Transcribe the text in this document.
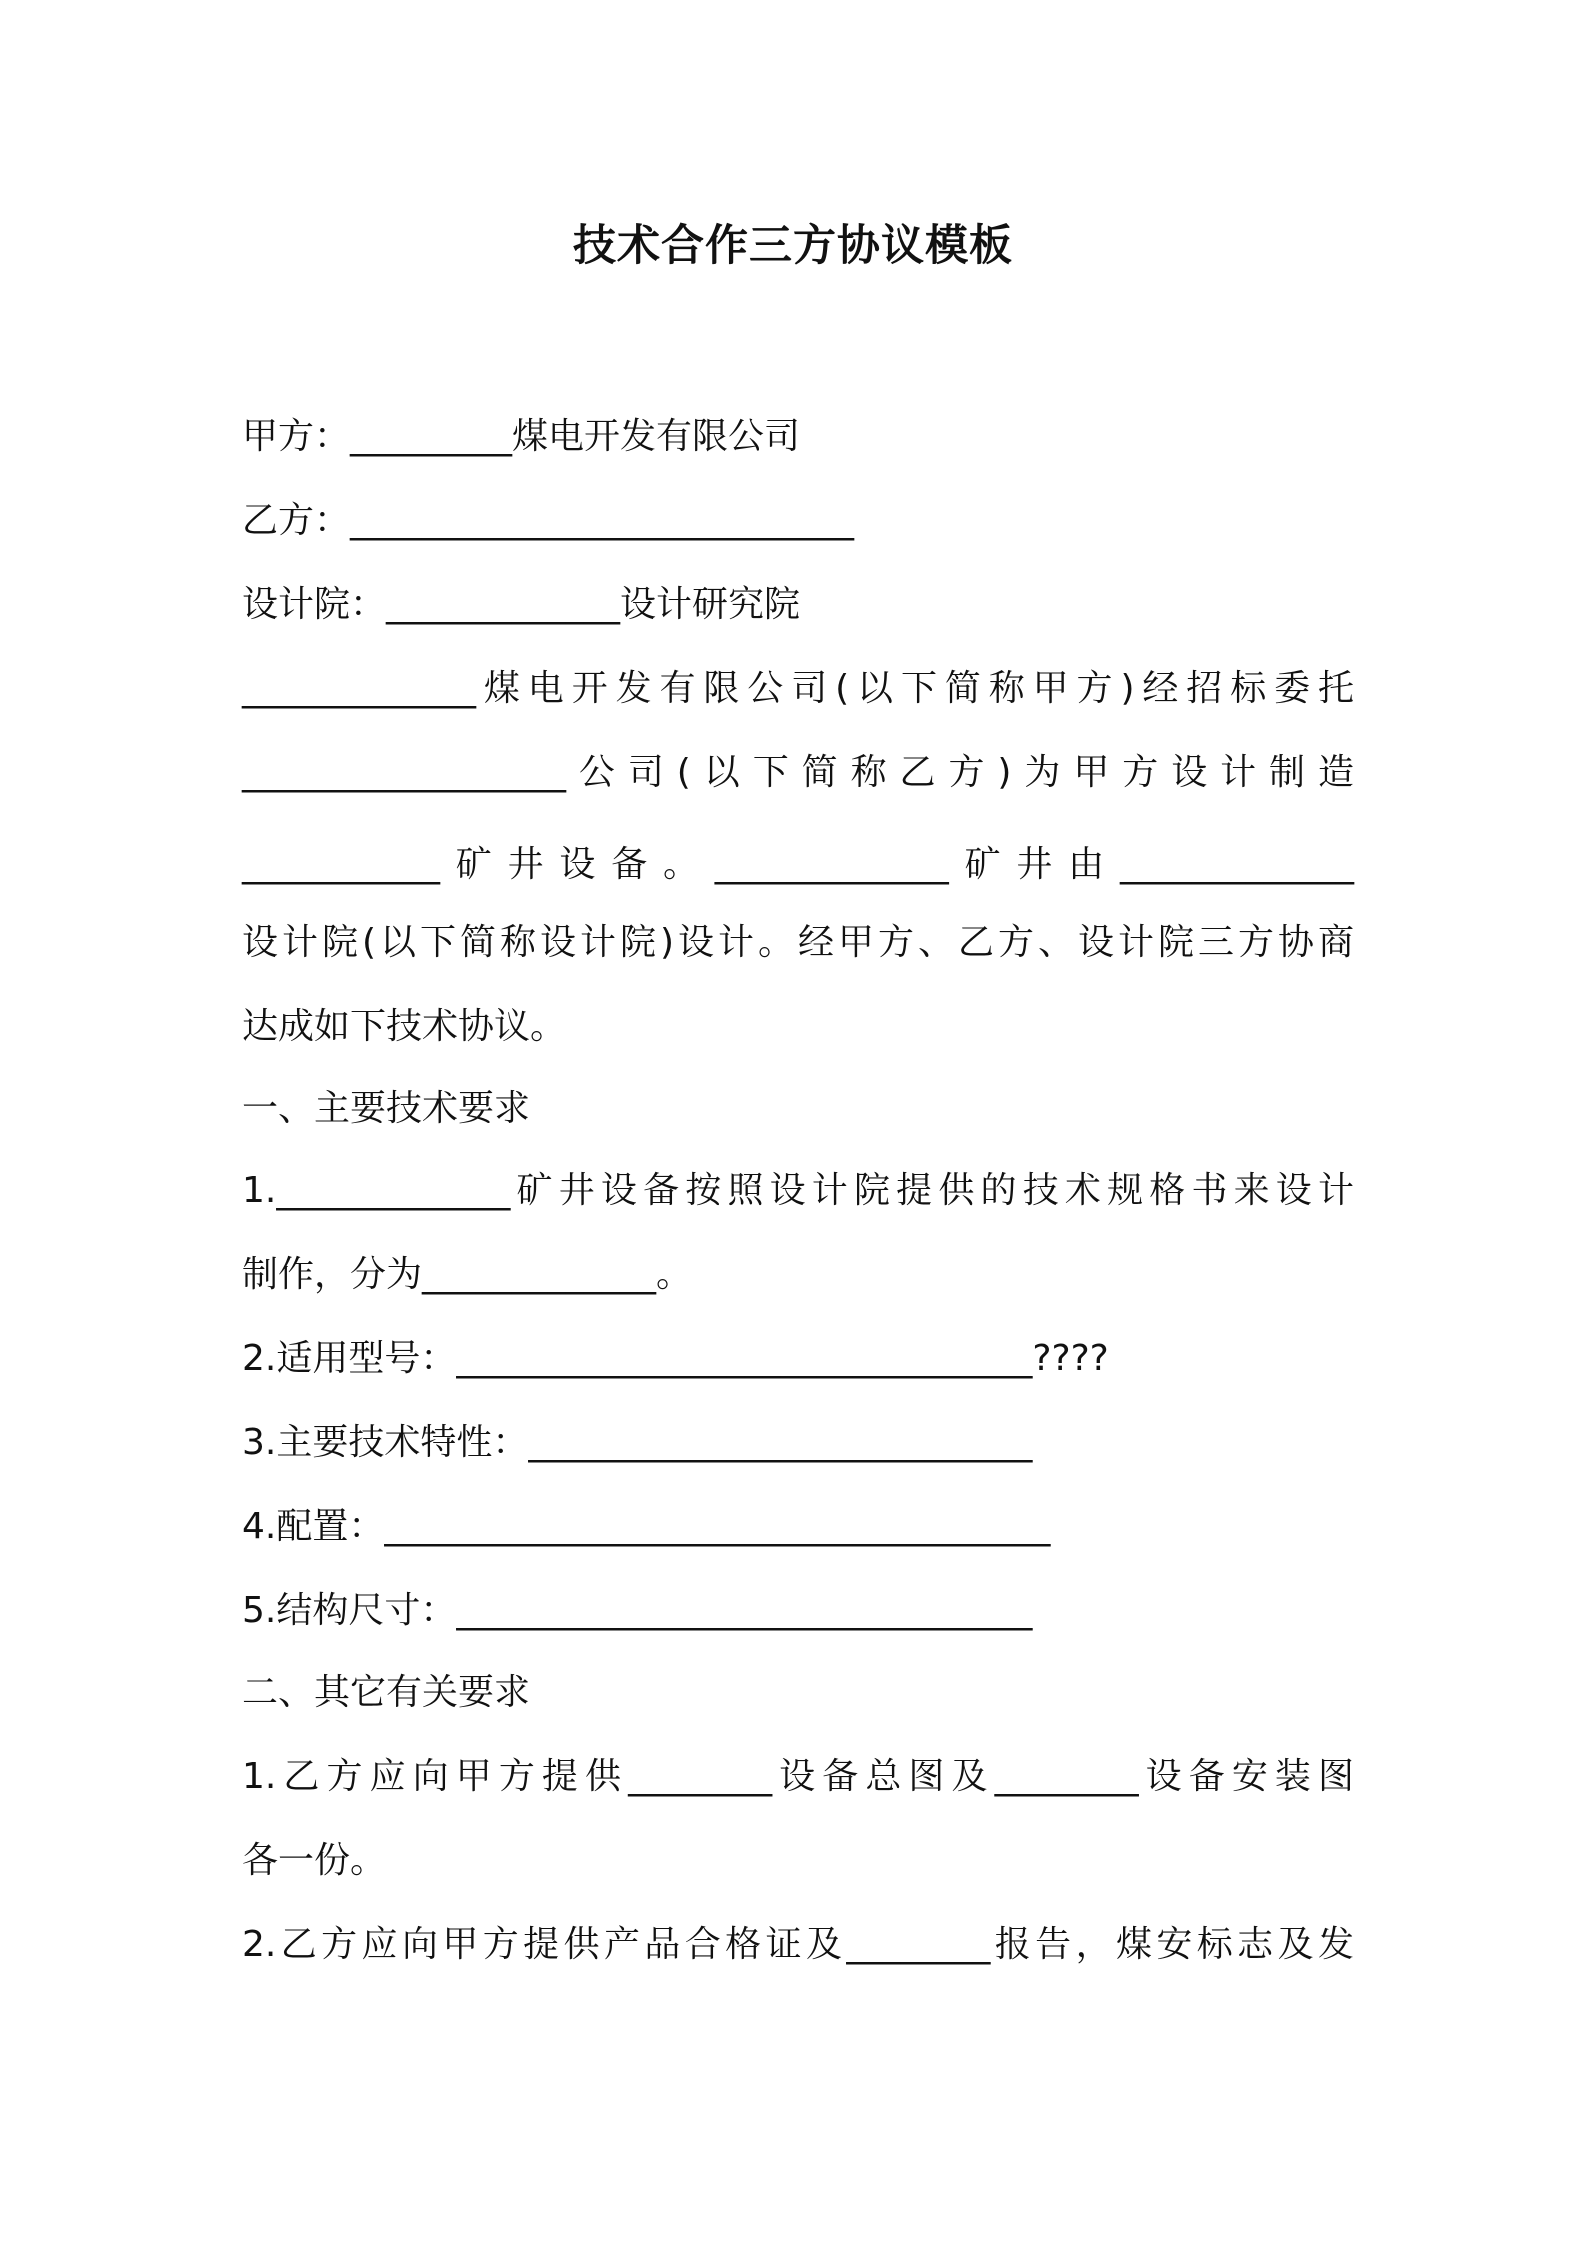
技术合作三方协议模板
甲方：_________煤电开发有限公司
乙方：____________________________
设计院：_____________设计研究院
_____________煤电开发有限公司(以下简称甲方)经招标委托
__________________公司(以下简称乙方)为甲方设计制造
___________矿井设备。_____________矿井由_____________
设计院(以下简称设计院)设计。经甲方、乙方、设计院三方协商
达成如下技术协议。
一、主要技术要求
1._____________矿井设备按照设计院提供的技术规格书来设计
制作，分为_____________。
2.适用型号：________________________________????
3.主要技术特性：____________________________
4.配置：_____________________________________
5.结构尺寸：________________________________
二、其它有关要求
1.乙方应向甲方提供________设备总图及________设备安装图
各一份。
2.乙方应向甲方提供产品合格证及________报告，煤安标志及发
